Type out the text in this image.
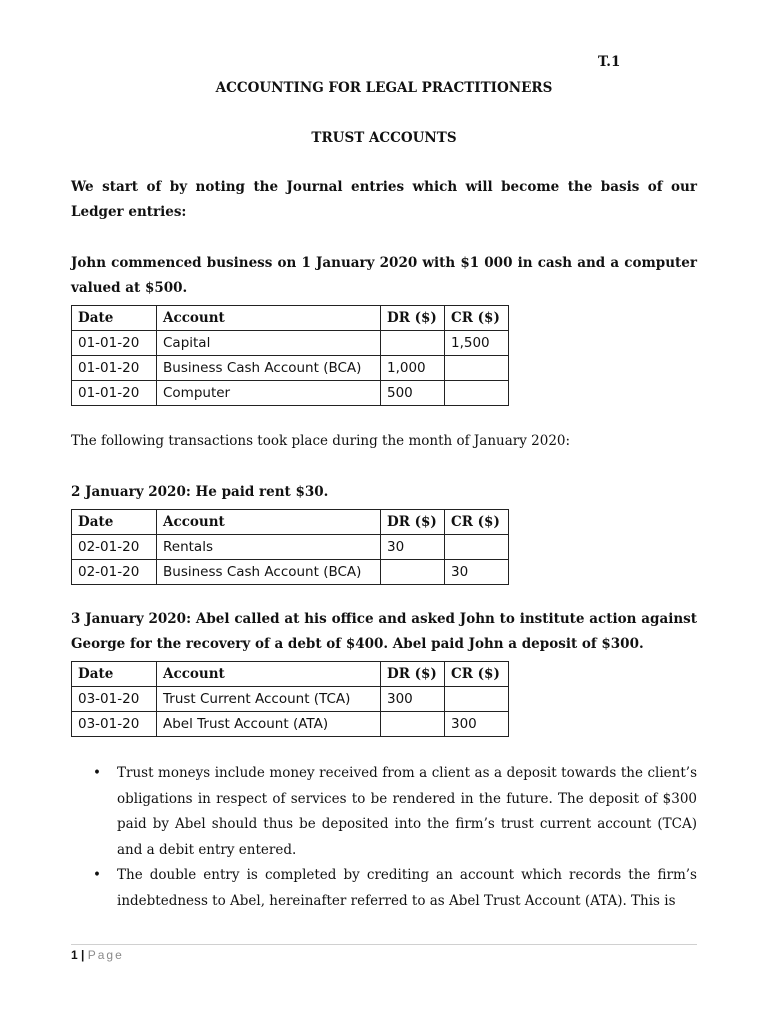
T.1
ACCOUNTING FOR LEGAL PRACTITIONERS
TRUST ACCOUNTS
We start of by noting the Journal entries which will become the basis of our Ledger entries:
John commenced business on 1 January 2020 with $1 000 in cash and a computer valued at $500.
Date	Account	DR ($)	CR ($)
01-01-20	Capital		1,500
01-01-20	Business Cash Account (BCA)	1,000	
01-01-20	Computer	500	
The following transactions took place during the month of January 2020:
2 January 2020: He paid rent $30.
Date	Account	DR ($)	CR ($)
02-01-20	Rentals	30	
02-01-20	Business Cash Account (BCA)		30
3 January 2020: Abel called at his office and asked John to institute action against George for the recovery of a debt of $400. Abel paid John a deposit of $300.
Date	Account	DR ($)	CR ($)
03-01-20	Trust Current Account (TCA)	300	
03-01-20	Abel Trust Account (ATA)		300
• Trust moneys include money received from a client as a deposit towards the client’s obligations in respect of services to be rendered in the future. The deposit of $300 paid by Abel should thus be deposited into the firm’s trust current account (TCA) and a debit entry entered.
• The double entry is completed by crediting an account which records the firm’s indebtedness to Abel, hereinafter referred to as Abel Trust Account (ATA). This is
1 | Page
